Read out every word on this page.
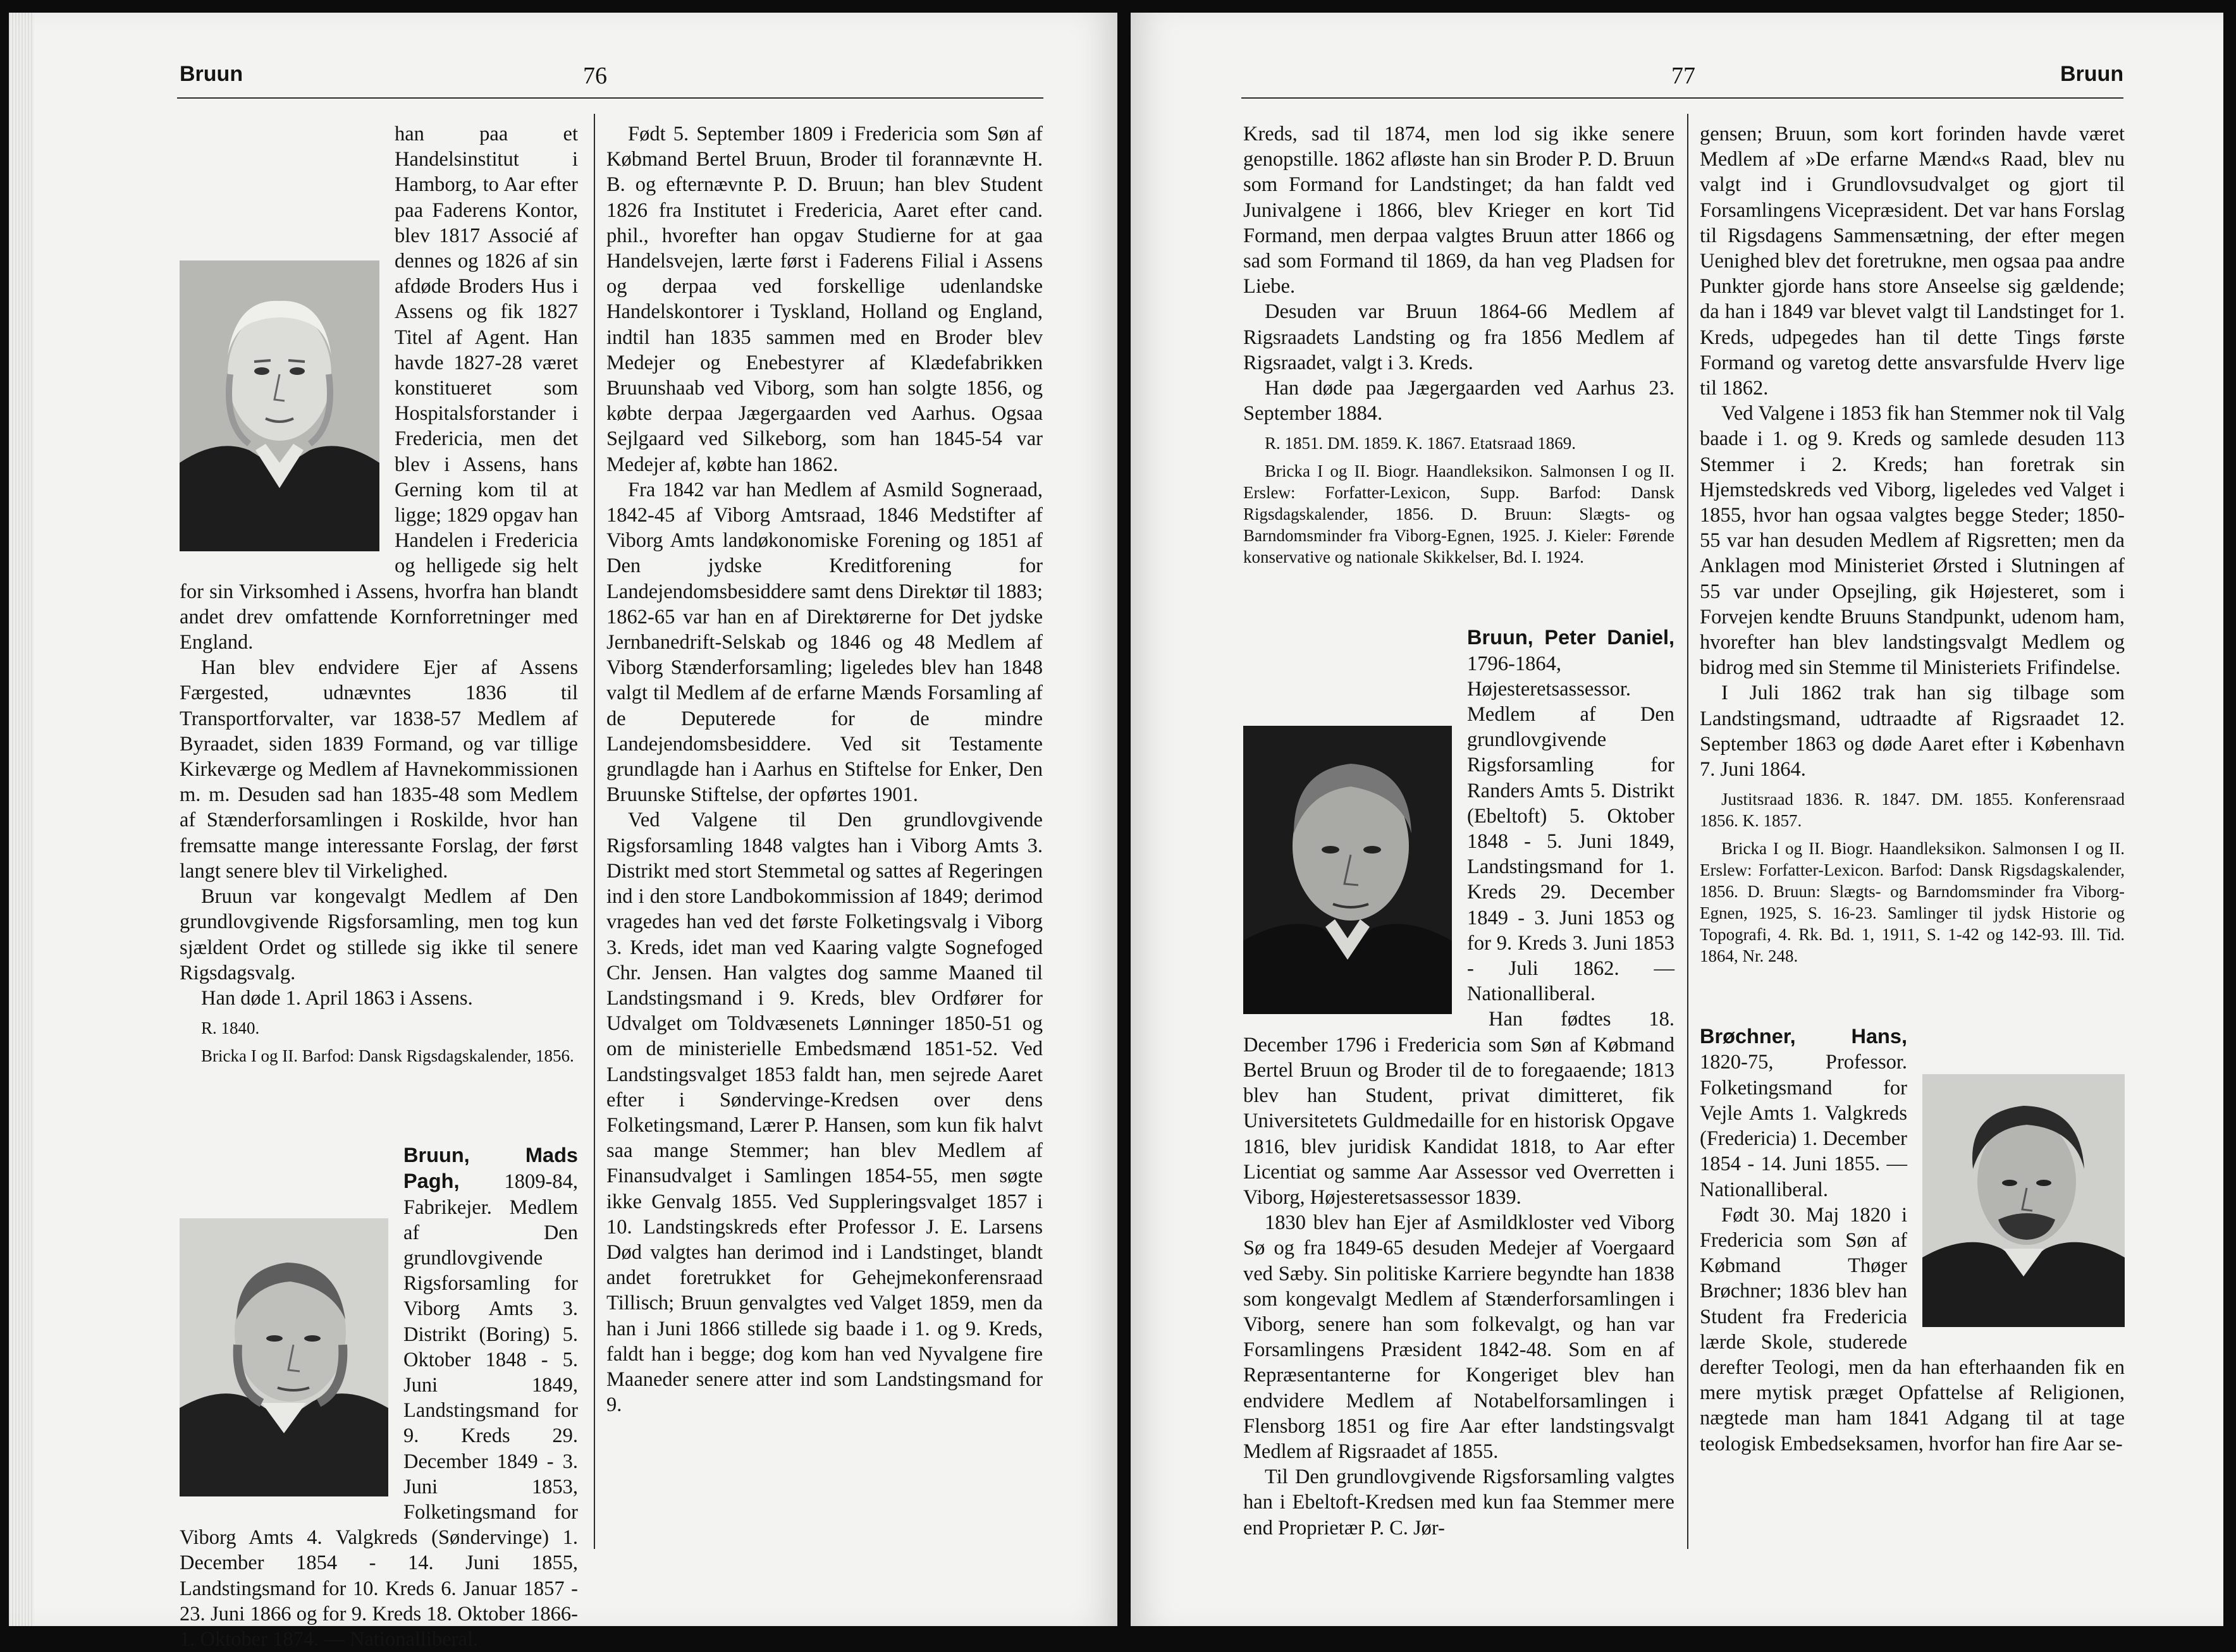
Bruun	76

han paa et Handelsinstitut i Hamborg, to Aar efter paa Faderens Kontor, blev 1817 Associé af dennes og 1826 af sin afdøde Broders Hus i Assens og fik 1827 Titel af Agent. Han havde 1827-28 været konstitueret som Hospitalsforstander i Fredericia, men det blev i Assens, hans Gerning kom til at ligge; 1829 opgav han Handelen i Fredericia og helligede sig helt for sin Virksomhed i Assens, hvorfra han blandt andet drev omfattende Kornforretninger med England.

Han blev endvidere Ejer af Assens Færgested, udnævntes 1836 til Transportforvalter, var 1838-57 Medlem af Byraadet, siden 1839 Formand, og var tillige Kirkeværge og Medlem af Havnekommissionen m. m. Desuden sad han 1835-48 som Medlem af Stænderforsamlingen i Roskilde, hvor han fremsatte mange interessante Forslag, der først langt senere blev til Virkelighed.

Bruun var kongevalgt Medlem af Den grundlovgivende Rigsforsamling, men tog kun sjældent Ordet og stillede sig ikke til senere Rigsdagsvalg.

Han døde 1. April 1863 i Assens.

R. 1840.

Bricka I og II. Barfod: Dansk Rigsdagskalender, 1856.

Bruun, Mads Pagh, 1809-84, Fabrikejer. Medlem af Den grundlovgivende Rigsforsamling for Viborg Amts 3. Distrikt (Boring) 5. Oktober 1848 - 5. Juni 1849, Landstingsmand for 9. Kreds 29. December 1849 - 3. Juni 1853, Folketingsmand for Viborg Amts 4. Valgkreds (Søndervinge) 1. December 1854 - 14. Juni 1855, Landstingsmand for 10. Kreds 6. Januar 1857 - 23. Juni 1866 og for 9. Kreds 18. Oktober 1866-1. Oktober 1874. — Nationalliberal.

Født 5. September 1809 i Fredericia som Søn af Købmand Bertel Bruun, Broder til forannævnte H. B. og efternævnte P. D. Bruun; han blev Student 1826 fra Institutet i Fredericia, Aaret efter cand. phil., hvorefter han opgav Studierne for at gaa Handelsvejen, lærte først i Faderens Filial i Assens og derpaa ved forskellige udenlandske Handelskontorer i Tyskland, Holland og England, indtil han 1835 sammen med en Broder blev Medejer og Enebestyrer af Klædefabrikken Bruunshaab ved Viborg, som han solgte 1856, og købte derpaa Jægergaarden ved Aarhus. Ogsaa Sejlgaard ved Silkeborg, som han 1845-54 var Medejer af, købte han 1862.

Fra 1842 var han Medlem af Asmild Sogneraad, 1842-45 af Viborg Amtsraad, 1846 Medstifter af Viborg Amts landøkonomiske Forening og 1851 af Den jydske Kreditforening for Landejendomsbesiddere samt dens Direktør til 1883; 1862-65 var han en af Direktørerne for Det jydske Jernbanedrift-Selskab og 1846 og 48 Medlem af Viborg Stænderforsamling; ligeledes blev han 1848 valgt til Medlem af de erfarne Mænds Forsamling af de Deputerede for de mindre Landejendomsbesiddere. Ved sit Testamente grundlagde han i Aarhus en Stiftelse for Enker, Den Bruunske Stiftelse, der opførtes 1901.

Ved Valgene til Den grundlovgivende Rigsforsamling 1848 valgtes han i Viborg Amts 3. Distrikt med stort Stemmetal og sattes af Regeringen ind i den store Landbokommission af 1849; derimod vragedes han ved det første Folketingsvalg i Viborg 3. Kreds, idet man ved Kaaring valgte Sognefoged Chr. Jensen. Han valgtes dog samme Maaned til Landstingsmand i 9. Kreds, blev Ordfører for Udvalget om Toldvæsenets Lønninger 1850-51 og om de ministerielle Embedsmænd 1851-52. Ved Landstingsvalget 1853 faldt han, men sejrede Aaret efter i Søndervinge-Kredsen over dens Folketingsmand, Lærer P. Hansen, som kun fik halvt saa mange Stemmer; han blev Medlem af Finansudvalget i Samlingen 1854-55, men søgte ikke Genvalg 1855. Ved Suppleringsvalget 1857 i 10. Landstingskreds efter Professor J. E. Larsens Død valgtes han derimod ind i Landstinget, blandt andet foretrukket for Gehejmekonferensraad Tillisch; Bruun genvalgtes ved Valget 1859, men da han i Juni 1866 stillede sig baade i 1. og 9. Kreds, faldt han i begge; dog kom han ved Nyvalgene fire Maaneder senere atter ind som Landstingsmand for 9.

77	Bruun

Kreds, sad til 1874, men lod sig ikke senere genopstille. 1862 afløste han sin Broder P. D. Bruun som Formand for Landstinget; da han faldt ved Junivalgene i 1866, blev Krieger en kort Tid Formand, men derpaa valgtes Bruun atter 1866 og sad som Formand til 1869, da han veg Pladsen for Liebe.

Desuden var Bruun 1864-66 Medlem af Rigsraadets Landsting og fra 1856 Medlem af Rigsraadet, valgt i 3. Kreds.

Han døde paa Jægergaarden ved Aarhus 23. September 1884.

R. 1851. DM. 1859. K. 1867. Etatsraad 1869.

Bricka I og II. Biogr. Haandleksikon. Salmonsen I og II. Erslew: Forfatter-Lexicon, Supp. Barfod: Dansk Rigsdagskalender, 1856. D. Bruun: Slægts- og Barndomsminder fra Viborg-Egnen, 1925. J. Kieler: Førende konservative og nationale Skikkelser, Bd. I. 1924.

Bruun, Peter Daniel, 1796-1864, Højesteretsassessor. Medlem af Den grundlovgivende Rigsforsamling for Randers Amts 5. Distrikt (Ebeltoft) 5. Oktober 1848 - 5. Juni 1849, Landstingsmand for 1. Kreds 29. December 1849 - 3. Juni 1853 og for 9. Kreds 3. Juni 1853 - Juli 1862. — Nationalliberal.

Han fødtes 18. December 1796 i Fredericia som Søn af Købmand Bertel Bruun og Broder til de to foregaaende; 1813 blev han Student, privat dimitteret, fik Universitetets Guldmedaille for en historisk Opgave 1816, blev juridisk Kandidat 1818, to Aar efter Licentiat og samme Aar Assessor ved Overretten i Viborg, Højesteretsassessor 1839.

1830 blev han Ejer af Asmildkloster ved Viborg Sø og fra 1849-65 desuden Medejer af Voergaard ved Sæby. Sin politiske Karriere begyndte han 1838 som kongevalgt Medlem af Stænderforsamlingen i Viborg, senere han som folkevalgt, og han var Forsamlingens Præsident 1842-48. Som en af Repræsentanterne for Kongeriget blev han endvidere Medlem af Notabelforsamlingen i Flensborg 1851 og fire Aar efter landstingsvalgt Medlem af Rigsraadet af 1855.

Til Den grundlovgivende Rigsforsamling valgtes han i Ebeltoft-Kredsen med kun faa Stemmer mere end Proprietær P. C. Jør-

gensen; Bruun, som kort forinden havde været Medlem af »De erfarne Mænd«s Raad, blev nu valgt ind i Grundlovsudvalget og gjort til Forsamlingens Vicepræsident. Det var hans Forslag til Rigsdagens Sammensætning, der efter megen Uenighed blev det foretrukne, men ogsaa paa andre Punkter gjorde hans store Anseelse sig gældende; da han i 1849 var blevet valgt til Landstinget for 1. Kreds, udpegedes han til dette Tings første Formand og varetog dette ansvarsfulde Hverv lige til 1862.

Ved Valgene i 1853 fik han Stemmer nok til Valg baade i 1. og 9. Kreds og samlede desuden 113 Stemmer i 2. Kreds; han foretrak sin Hjemstedskreds ved Viborg, ligeledes ved Valget i 1855, hvor han ogsaa valgtes begge Steder; 1850-55 var han desuden Medlem af Rigsretten; men da Anklagen mod Ministeriet Ørsted i Slutningen af 55 var under Opsejling, gik Højesteret, som i Forvejen kendte Bruuns Standpunkt, udenom ham, hvorefter han blev landstingsvalgt Medlem og bidrog med sin Stemme til Ministeriets Frifindelse.

I Juli 1862 trak han sig tilbage som Landstingsmand, udtraadte af Rigsraadet 12. September 1863 og døde Aaret efter i København 7. Juni 1864.

Justitsraad 1836. R. 1847. DM. 1855. Konferensraad 1856. K. 1857.

Bricka I og II. Biogr. Haandleksikon. Salmonsen I og II. Erslew: Forfatter-Lexicon. Barfod: Dansk Rigsdagskalender, 1856. D. Bruun: Slægts- og Barndomsminder fra Viborg-Egnen, 1925, S. 16-23. Samlinger til jydsk Historie og Topografi, 4. Rk. Bd. 1, 1911, S. 1-42 og 142-93. Ill. Tid. 1864, Nr. 248.

Brøchner, Hans, 1820-75, Professor. Folketingsmand for Vejle Amts 1. Valgkreds (Fredericia) 1. December 1854 - 14. Juni 1855. — Nationalliberal.

Født 30. Maj 1820 i Fredericia som Søn af Købmand Thøger Brøchner; 1836 blev han Student fra Fredericia lærde Skole, studerede derefter Teologi, men da han efterhaanden fik en mere mytisk præget Opfattelse af Religionen, nægtede man ham 1841 Adgang til at tage teologisk Embedseksamen, hvorfor han fire Aar se-
